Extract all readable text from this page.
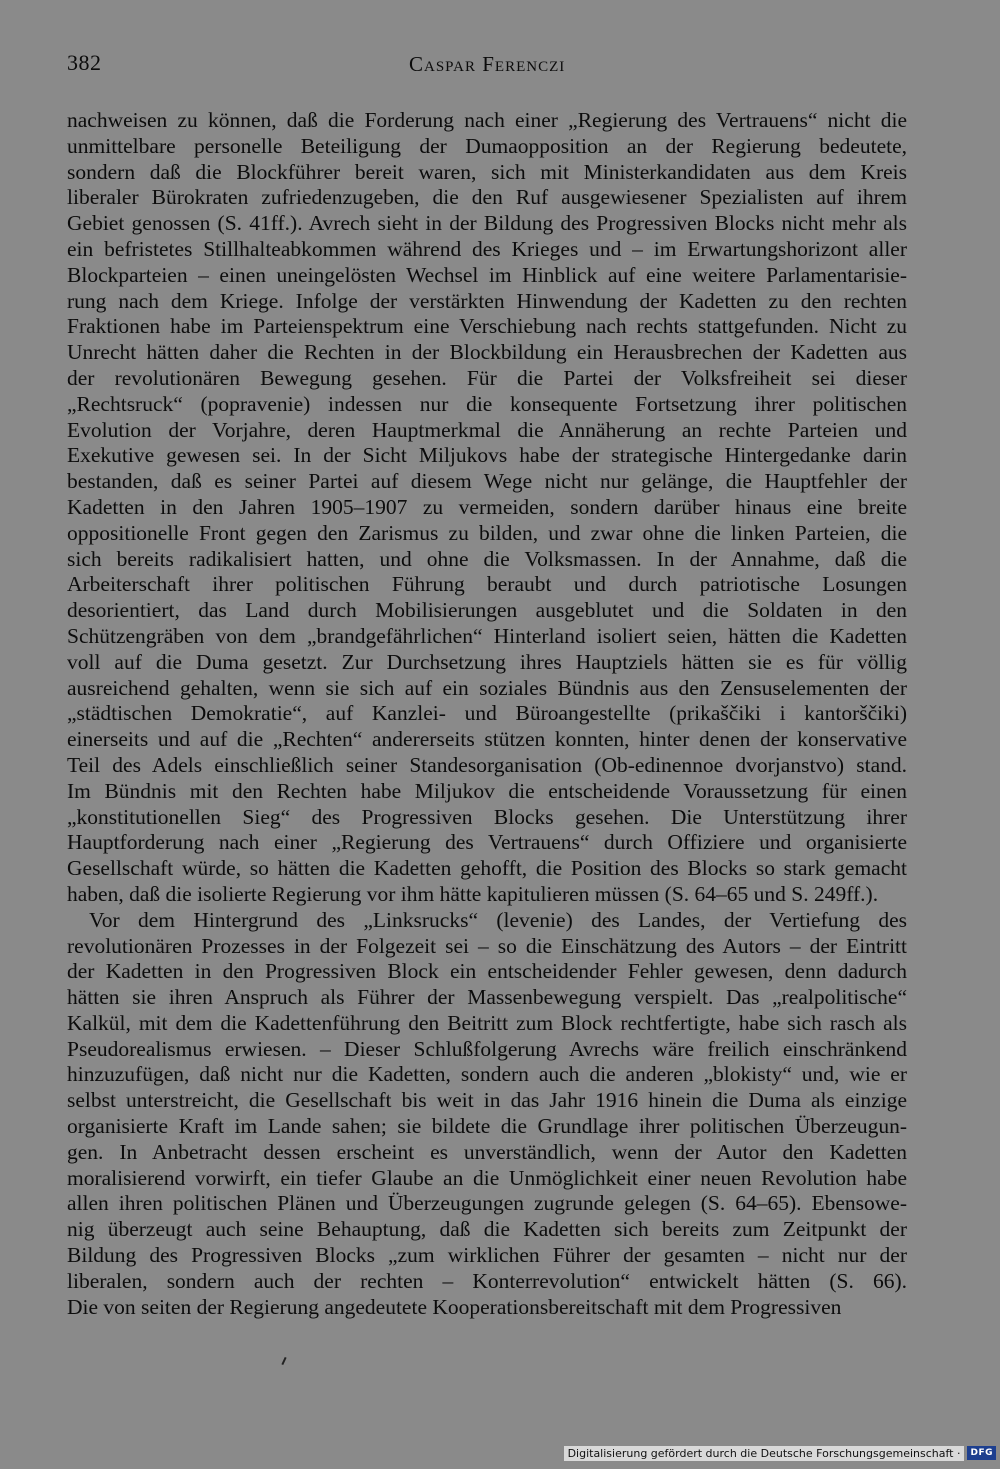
382	Caspar Ferenczi
nachweisen zu können, daß die Forderung nach einer „Regierung des Vertrauens“ nicht die
unmittelbare personelle Beteiligung der Dumaopposition an der Regierung bedeutete,
sondern daß die Blockführer bereit waren, sich mit Ministerkandidaten aus dem Kreis
liberaler Bürokraten zufriedenzugeben, die den Ruf ausgewiesener Spezialisten auf ihrem
Gebiet genossen (S. 41ff.). Avrech sieht in der Bildung des Progressiven Blocks nicht mehr als
ein befristetes Stillhalteabkommen während des Krieges und – im Erwartungshorizont aller
Blockparteien – einen uneingelösten Wechsel im Hinblick auf eine weitere Parlamentarisie-
rung nach dem Kriege. Infolge der verstärkten Hinwendung der Kadetten zu den rechten
Fraktionen habe im Parteienspektrum eine Verschiebung nach rechts stattgefunden. Nicht zu
Unrecht hätten daher die Rechten in der Blockbildung ein Herausbrechen der Kadetten aus
der revolutionären Bewegung gesehen. Für die Partei der Volksfreiheit sei dieser
„Rechtsruck“ (popravenie) indessen nur die konsequente Fortsetzung ihrer politischen
Evolution der Vorjahre, deren Hauptmerkmal die Annäherung an rechte Parteien und
Exekutive gewesen sei. In der Sicht Miljukovs habe der strategische Hintergedanke darin
bestanden, daß es seiner Partei auf diesem Wege nicht nur gelänge, die Hauptfehler der
Kadetten in den Jahren 1905–1907 zu vermeiden, sondern darüber hinaus eine breite
oppositionelle Front gegen den Zarismus zu bilden, und zwar ohne die linken Parteien, die
sich bereits radikalisiert hatten, und ohne die Volksmassen. In der Annahme, daß die
Arbeiterschaft ihrer politischen Führung beraubt und durch patriotische Losungen
desorientiert, das Land durch Mobilisierungen ausgeblutet und die Soldaten in den
Schützengräben von dem „brandgefährlichen“ Hinterland isoliert seien, hätten die Kadetten
voll auf die Duma gesetzt. Zur Durchsetzung ihres Hauptziels hätten sie es für völlig
ausreichend gehalten, wenn sie sich auf ein soziales Bündnis aus den Zensuselementen der
„städtischen Demokratie“, auf Kanzlei- und Büroangestellte (prikaščiki i kantorščiki)
einerseits und auf die „Rechten“ andererseits stützen konnten, hinter denen der konservative
Teil des Adels einschließlich seiner Standesorganisation (Ob-edinennoe dvorjanstvo) stand.
Im Bündnis mit den Rechten habe Miljukov die entscheidende Voraussetzung für einen
„konstitutionellen Sieg“ des Progressiven Blocks gesehen. Die Unterstützung ihrer
Hauptforderung nach einer „Regierung des Vertrauens“ durch Offiziere und organisierte
Gesellschaft würde, so hätten die Kadetten gehofft, die Position des Blocks so stark gemacht
haben, daß die isolierte Regierung vor ihm hätte kapitulieren müssen (S. 64–65 und S. 249ff.).
Vor dem Hintergrund des „Linksrucks“ (levenie) des Landes, der Vertiefung des
revolutionären Prozesses in der Folgezeit sei – so die Einschätzung des Autors – der Eintritt
der Kadetten in den Progressiven Block ein entscheidender Fehler gewesen, denn dadurch
hätten sie ihren Anspruch als Führer der Massenbewegung verspielt. Das „realpolitische“
Kalkül, mit dem die Kadettenführung den Beitritt zum Block rechtfertigte, habe sich rasch als
Pseudorealismus erwiesen. – Dieser Schlußfolgerung Avrechs wäre freilich einschränkend
hinzuzufügen, daß nicht nur die Kadetten, sondern auch die anderen „blokisty“ und, wie er
selbst unterstreicht, die Gesellschaft bis weit in das Jahr 1916 hinein die Duma als einzige
organisierte Kraft im Lande sahen; sie bildete die Grundlage ihrer politischen Überzeugun-
gen. In Anbetracht dessen erscheint es unverständlich, wenn der Autor den Kadetten
moralisierend vorwirft, ein tiefer Glaube an die Unmöglichkeit einer neuen Revolution habe
allen ihren politischen Plänen und Überzeugungen zugrunde gelegen (S. 64–65). Ebensowe-
nig überzeugt auch seine Behauptung, daß die Kadetten sich bereits zum Zeitpunkt der
Bildung des Progressiven Blocks „zum wirklichen Führer der gesamten – nicht nur der
liberalen, sondern auch der rechten – Konterrevolution“ entwickelt hätten (S. 66).
Die von seiten der Regierung angedeutete Kooperationsbereitschaft mit dem Progressiven
Digitalisierung gefördert durch die Deutsche Forschungsgemeinschaft ·	DFG
